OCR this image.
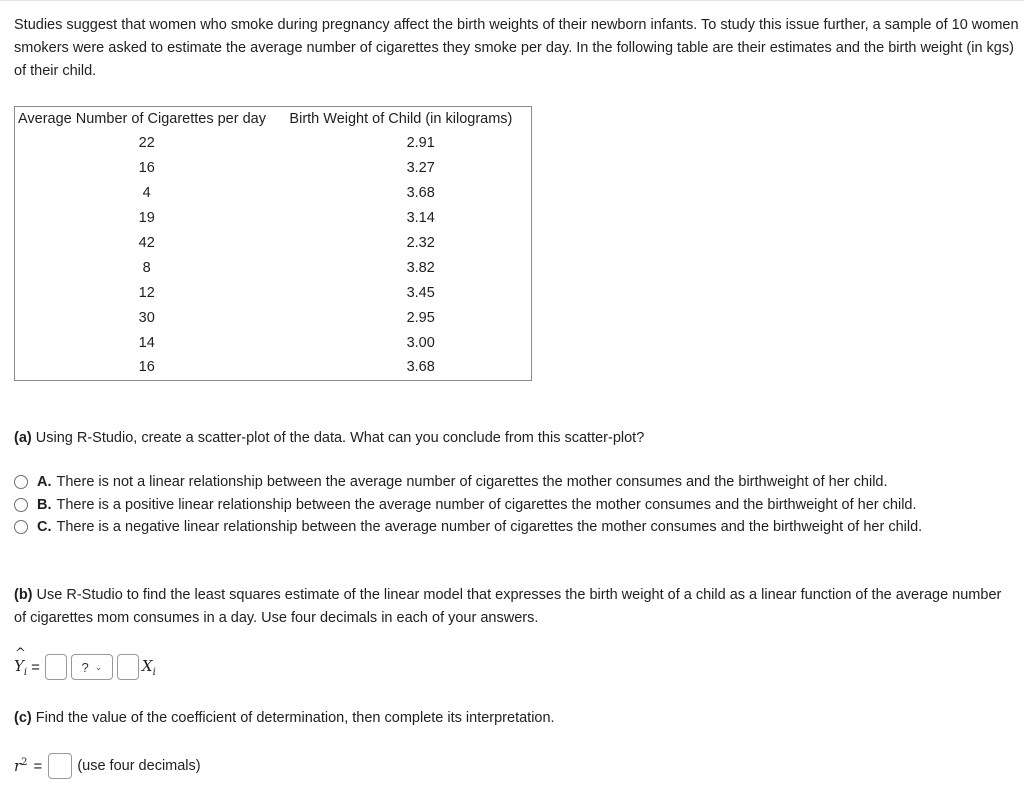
Studies suggest that women who smoke during pregnancy affect the birth weights of their newborn infants. To study this issue further, a sample of 10 women smokers were asked to estimate the average number of cigarettes they smoke per day. In the following table are their estimates and the birth weight (in kgs) of their child.

Average Number of Cigarettes per day	Birth Weight of Child (in kilograms)
22	2.91
16	3.27
4	3.68
19	3.14
42	2.32
8	3.82
12	3.45
30	2.95
14	3.00
16	3.68

(a) Using R-Studio, create a scatter-plot of the data. What can you conclude from this scatter-plot?

A. There is not a linear relationship between the average number of cigarettes the mother consumes and the birthweight of her child.
B. There is a positive linear relationship between the average number of cigarettes the mother consumes and the birthweight of her child.
C. There is a negative linear relationship between the average number of cigarettes the mother consumes and the birthweight of her child.

(b) Use R-Studio to find the least squares estimate of the linear model that expresses the birth weight of a child as a linear function of the average number of cigarettes mom consumes in a day. Use four decimals in each of your answers.

^
$Y_i$ =	? ⌄	$X_i$

(c) Find the value of the coefficient of determination, then complete its interpretation.

$r^2 = (use$ four decimals)
